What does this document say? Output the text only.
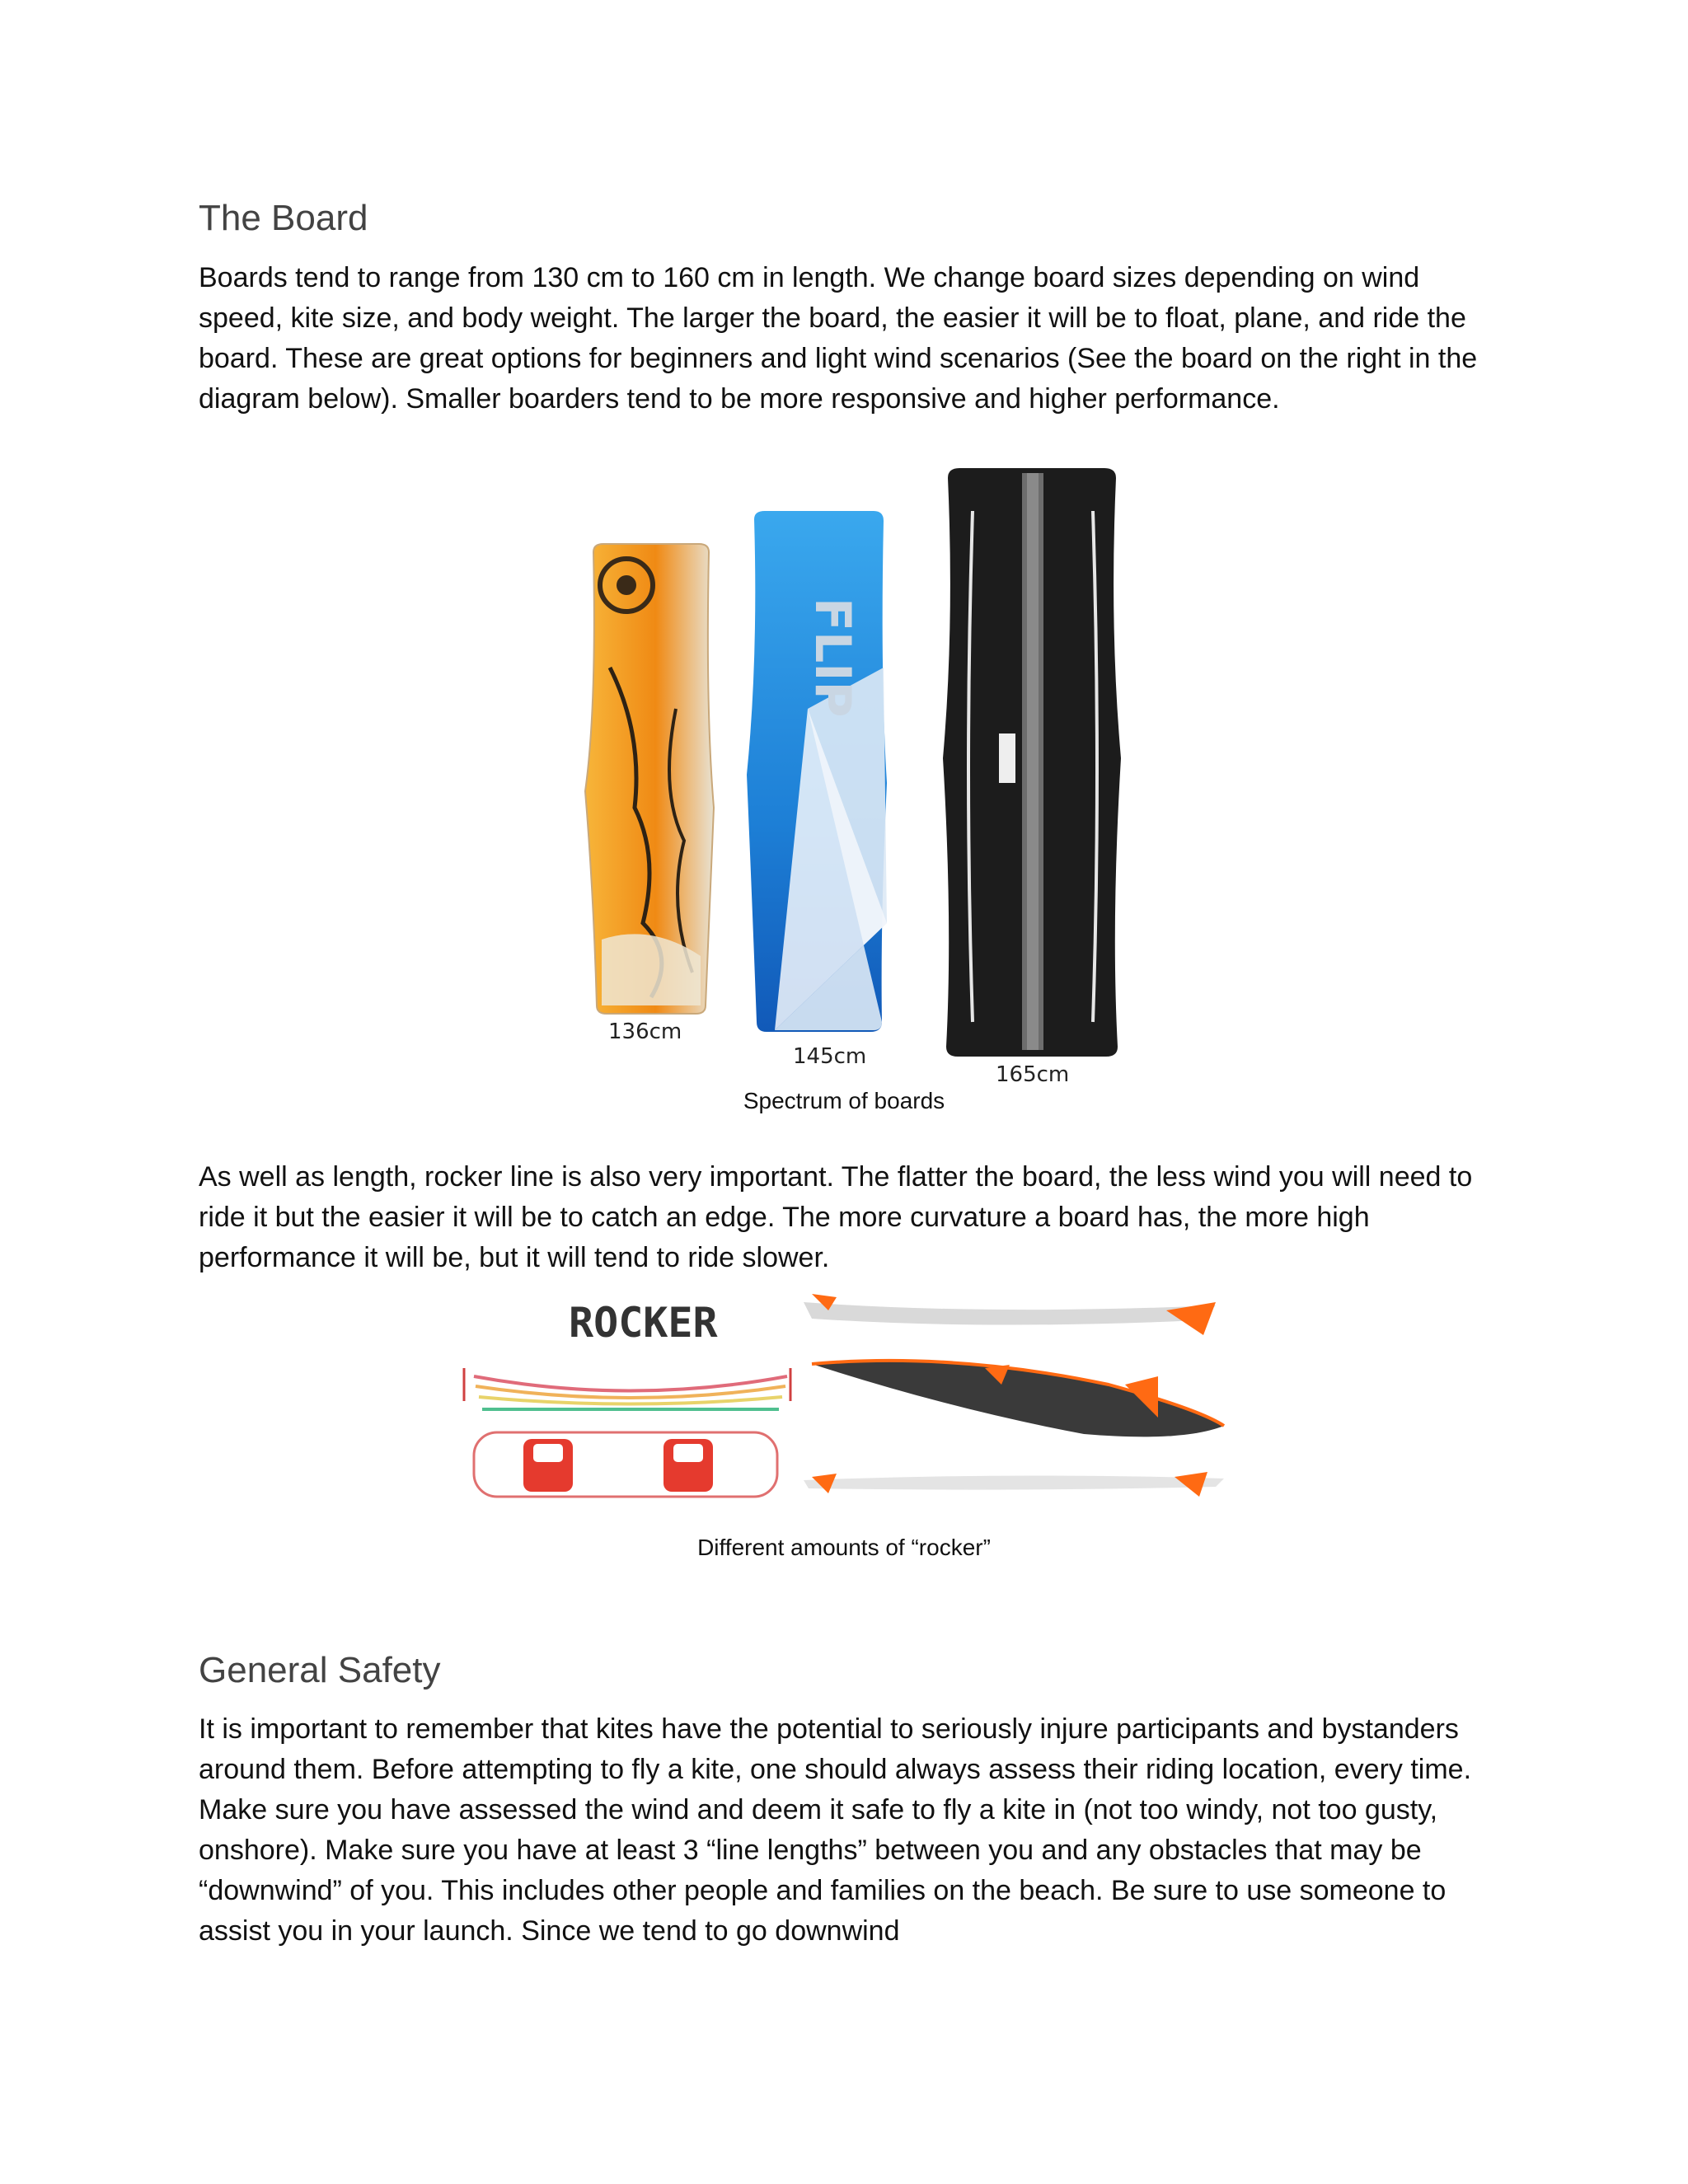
The Board

Boards tend to range from 130 cm to 160 cm in length. We change board sizes depending on wind speed, kite size, and body weight. The larger the board, the easier it will be to float, plane, and ride the board. These are great options for beginners and light wind scenarios (See the board on the right in the diagram below). Smaller boarders tend to be more responsive and higher performance.

136cm
FLIP
145cm
165cm

Spectrum of boards

As well as length, rocker line is also very important. The flatter the board, the less wind you will need to ride it but the easier it will be to catch an edge. The more curvature a board has, the more high performance it will be, but it will tend to ride slower.

ROCKER

Different amounts of “rocker”

General Safety

It is important to remember that kites have the potential to seriously injure participants and bystanders around them. Before attempting to fly a kite, one should always assess their riding location, every time. Make sure you have assessed the wind and deem it safe to fly a kite in (not too windy, not too gusty, onshore). Make sure you have at least 3 “line lengths” between you and any obstacles that may be “downwind” of you. This includes other people and families on the beach. Be sure to use someone to assist you in your launch. Since we tend to go downwind
